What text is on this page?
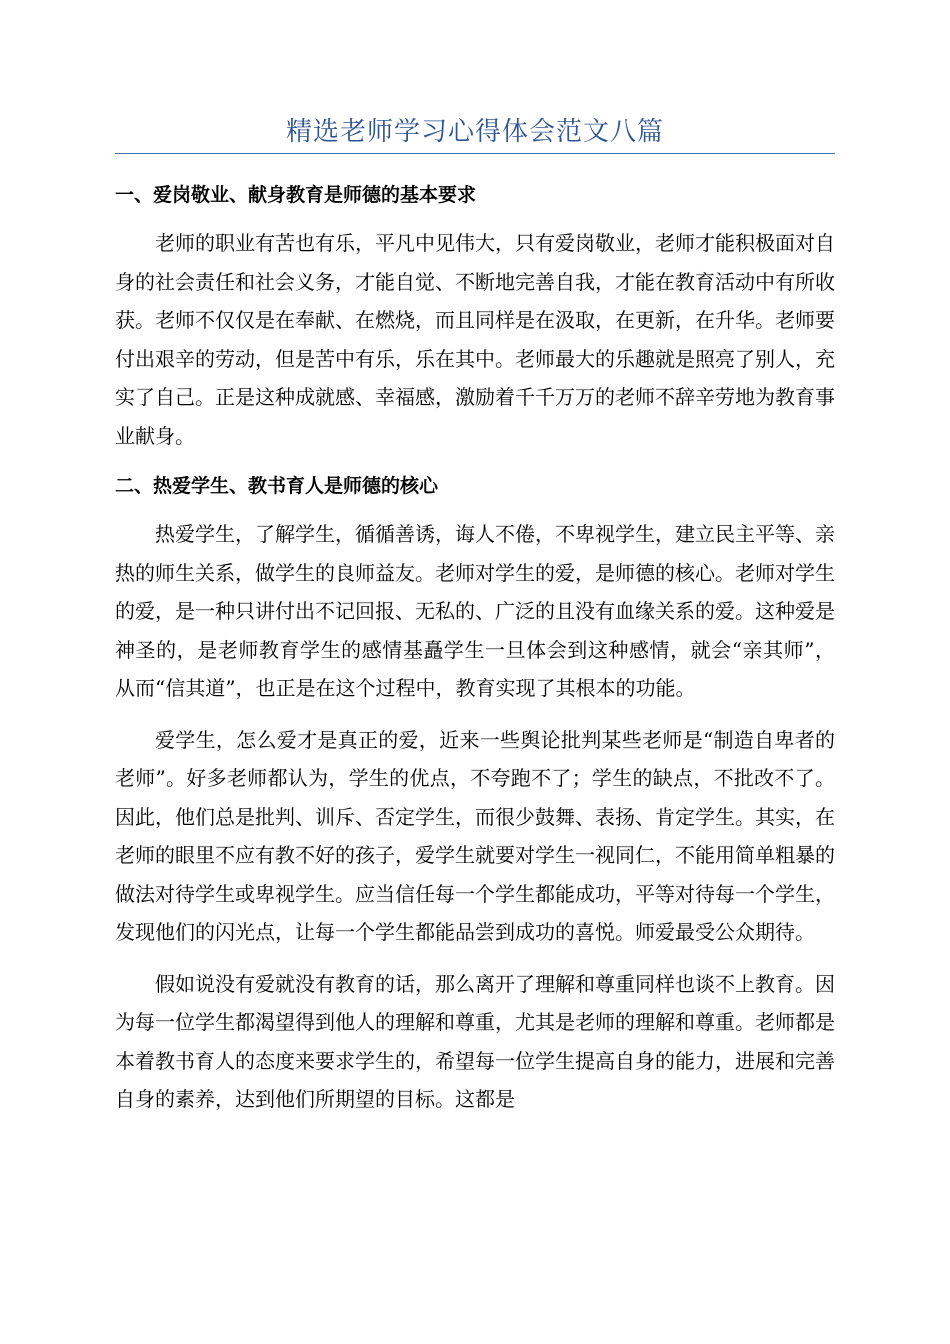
精选老师学习心得体会范文八篇
一、爱岗敬业、献身教育是师德的基本要求

老师的职业有苦也有乐，平凡中见伟大，只有爱岗敬业，老师才能积极面对自身的社会责任和社会义务，才能自觉、不断地完善自我，才能在教育活动中有所收获。老师不仅仅是在奉献、在燃烧，而且同样是在汲取，在更新，在升华。老师要付出艰辛的劳动，但是苦中有乐，乐在其中。老师最大的乐趣就是照亮了别人，充实了自己。正是这种成就感、幸福感，激励着千千万万的老师不辞辛劳地为教育事业献身。

二、热爱学生、教书育人是师德的核心

热爱学生，了解学生，循循善诱，诲人不倦，不卑视学生，建立民主平等、亲热的师生关系，做学生的良师益友。老师对学生的爱，是师德的核心。老师对学生的爱，是一种只讲付出不记回报、无私的、广泛的且没有血缘关系的爱。这种爱是神圣的，是老师教育学生的感情基矗学生一旦体会到这种感情，就会“亲其师”，从而“信其道”，也正是在这个过程中，教育实现了其根本的功能。

爱学生，怎么爱才是真正的爱，近来一些舆论批判某些老师是“制造自卑者的老师”。好多老师都认为，学生的优点，不夸跑不了；学生的缺点，不批改不了。因此，他们总是批判、训斥、否定学生，而很少鼓舞、表扬、肯定学生。其实，在老师的眼里不应有教不好的孩子，爱学生就要对学生一视同仁，不能用简单粗暴的做法对待学生或卑视学生。应当信任每一个学生都能成功，平等对待每一个学生，发现他们的闪光点，让每一个学生都能品尝到成功的喜悦。师爱最受公众期待。

假如说没有爱就没有教育的话，那么离开了理解和尊重同样也谈不上教育。因为每一位学生都渴望得到他人的理解和尊重，尤其是老师的理解和尊重。老师都是本着教书育人的态度来要求学生的，希望每一位学生提高自身的能力，进展和完善自身的素养，达到他们所期望的目标。这都是
